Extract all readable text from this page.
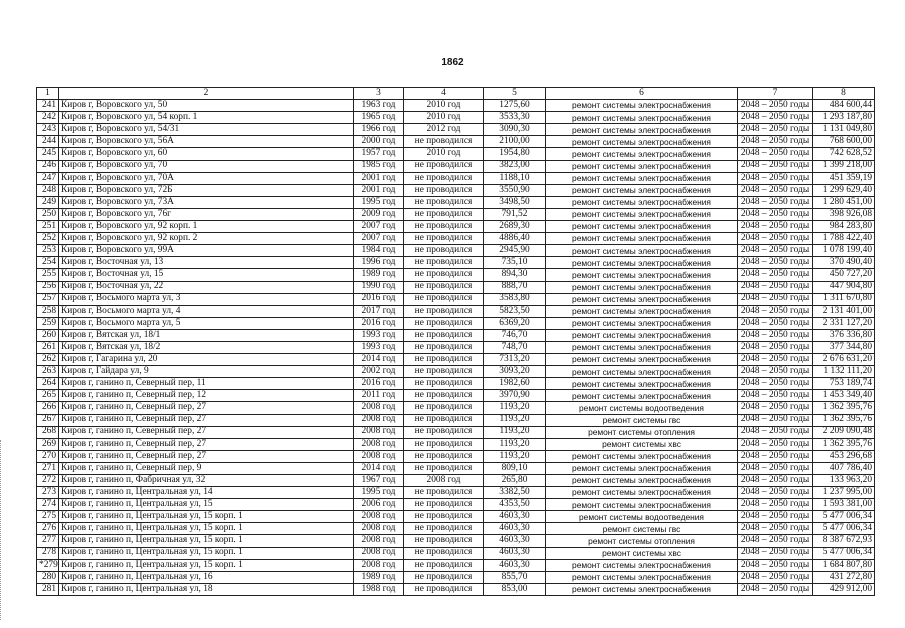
1862
1	2	3	4	5	6	7	8
241	Киров г, Воровского ул, 50	1963 год	2010 год	1275,60	ремонт системы электроснабжения	2048 – 2050 годы	484 600,44
242	Киров г, Воровского ул, 54 корп. 1	1965 год	2010 год	3533,30	ремонт системы электроснабжения	2048 – 2050 годы	1 293 187,80
243	Киров г, Воровского ул, 54/31	1966 год	2012 год	3090,30	ремонт системы электроснабжения	2048 – 2050 годы	1 131 049,80
244	Киров г, Воровского ул, 56А	2000 год	не проводился	2100,00	ремонт системы электроснабжения	2048 – 2050 годы	768 600,00
245	Киров г, Воровского ул, 60	1957 год	2010 год	1954,80	ремонт системы электроснабжения	2048 – 2050 годы	742 628,52
246	Киров г, Воровского ул, 70	1985 год	не проводился	3823,00	ремонт системы электроснабжения	2048 – 2050 годы	1 399 218,00
247	Киров г, Воровского ул, 70А	2001 год	не проводился	1188,10	ремонт системы электроснабжения	2048 – 2050 годы	451 359,19
248	Киров г, Воровского ул, 72Б	2001 год	не проводился	3550,90	ремонт системы электроснабжения	2048 – 2050 годы	1 299 629,40
249	Киров г, Воровского ул, 73А	1995 год	не проводился	3498,50	ремонт системы электроснабжения	2048 – 2050 годы	1 280 451,00
250	Киров г, Воровского ул, 76г	2009 год	не проводился	791,52	ремонт системы электроснабжения	2048 – 2050 годы	398 926,08
251	Киров г, Воровского ул, 92 корп. 1	2007 год	не проводился	2689,30	ремонт системы электроснабжения	2048 – 2050 годы	984 283,80
252	Киров г, Воровского ул, 92 корп. 2	2007 год	не проводился	4886,40	ремонт системы электроснабжения	2048 – 2050 годы	1 788 422,40
253	Киров г, Воровского ул, 99А	1984 год	не проводился	2945,90	ремонт системы электроснабжения	2048 – 2050 годы	1 078 199,40
254	Киров г, Восточная ул, 13	1996 год	не проводился	735,10	ремонт системы электроснабжения	2048 – 2050 годы	370 490,40
255	Киров г, Восточная ул, 15	1989 год	не проводился	894,30	ремонт системы электроснабжения	2048 – 2050 годы	450 727,20
256	Киров г, Восточная ул, 22	1990 год	не проводился	888,70	ремонт системы электроснабжения	2048 – 2050 годы	447 904,80
257	Киров г, Восьмого марта ул, 3	2016 год	не проводился	3583,80	ремонт системы электроснабжения	2048 – 2050 годы	1 311 670,80
258	Киров г, Восьмого марта ул, 4	2017 год	не проводился	5823,50	ремонт системы электроснабжения	2048 – 2050 годы	2 131 401,00
259	Киров г, Восьмого марта ул, 5	2016 год	не проводился	6369,20	ремонт системы электроснабжения	2048 – 2050 годы	2 331 127,20
260	Киров г, Вятская ул, 18/1	1993 год	не проводился	746,70	ремонт системы электроснабжения	2048 – 2050 годы	376 336,80
261	Киров г, Вятская ул, 18/2	1993 год	не проводился	748,70	ремонт системы электроснабжения	2048 – 2050 годы	377 344,80
262	Киров г, Гагарина ул, 20	2014 год	не проводился	7313,20	ремонт системы электроснабжения	2048 – 2050 годы	2 676 631,20
263	Киров г, Гайдара ул, 9	2002 год	не проводился	3093,20	ремонт системы электроснабжения	2048 – 2050 годы	1 132 111,20
264	Киров г, ганино п, Северный пер, 11	2016 год	не проводился	1982,60	ремонт системы электроснабжения	2048 – 2050 годы	753 189,74
265	Киров г, ганино п, Северный пер, 12	2011 год	не проводился	3970,90	ремонт системы электроснабжения	2048 – 2050 годы	1 453 349,40
266	Киров г, ганино п, Северный пер, 27	2008 год	не проводился	1193,20	ремонт системы водоотведения	2048 – 2050 годы	1 362 395,76
267	Киров г, ганино п, Северный пер, 27	2008 год	не проводился	1193,20	ремонт системы гвс	2048 – 2050 годы	1 362 395,76
268	Киров г, ганино п, Северный пер, 27	2008 год	не проводился	1193,20	ремонт системы отопления	2048 – 2050 годы	2 209 090,48
269	Киров г, ганино п, Северный пер, 27	2008 год	не проводился	1193,20	ремонт системы хвс	2048 – 2050 годы	1 362 395,76
270	Киров г, ганино п, Северный пер, 27	2008 год	не проводился	1193,20	ремонт системы электроснабжения	2048 – 2050 годы	453 296,68
271	Киров г, ганино п, Северный пер, 9	2014 год	не проводился	809,10	ремонт системы электроснабжения	2048 – 2050 годы	407 786,40
272	Киров г, ганино п, Фабричная ул, 32	1967 год	2008 год	265,80	ремонт системы электроснабжения	2048 – 2050 годы	133 963,20
273	Киров г, ганино п, Центральная ул, 14	1995 год	не проводился	3382,50	ремонт системы электроснабжения	2048 – 2050 годы	1 237 995,00
274	Киров г, ганино п, Центральная ул, 15	2006 год	не проводился	4353,50	ремонт системы электроснабжения	2048 – 2050 годы	1 593 381,00
275	Киров г, ганино п, Центральная ул, 15 корп. 1	2008 год	не проводился	4603,30	ремонт системы водоотведения	2048 – 2050 годы	5 477 006,34
276	Киров г, ганино п, Центральная ул, 15 корп. 1	2008 год	не проводился	4603,30	ремонт системы гвс	2048 – 2050 годы	5 477 006,34
277	Киров г, ганино п, Центральная ул, 15 корп. 1	2008 год	не проводился	4603,30	ремонт системы отопления	2048 – 2050 годы	8 387 672,93
278	Киров г, ганино п, Центральная ул, 15 корп. 1	2008 год	не проводился	4603,30	ремонт системы хвс	2048 – 2050 годы	5 477 006,34
*279	Киров г, ганино п, Центральная ул, 15 корп. 1	2008 год	не проводился	4603,30	ремонт системы электроснабжения	2048 – 2050 годы	1 684 807,80
280	Киров г, ганино п, Центральная ул, 16	1989 год	не проводился	855,70	ремонт системы электроснабжения	2048 – 2050 годы	431 272,80
281	Киров г, ганино п, Центральная ул, 18	1988 год	не проводился	853,00	ремонт системы электроснабжения	2048 – 2050 годы	429 912,00
